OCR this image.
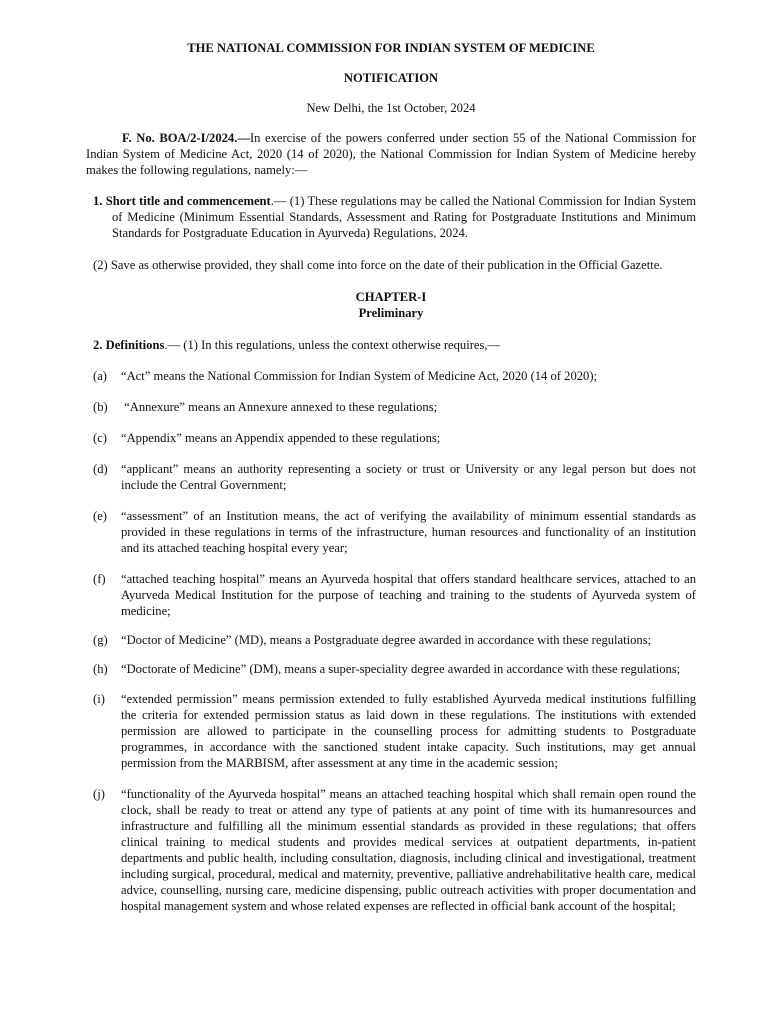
THE NATIONAL COMMISSION FOR INDIAN SYSTEM OF MEDICINE
NOTIFICATION
New Delhi, the 1st October, 2024
F. No. BOA/2-I/2024.—In exercise of the powers conferred under section 55 of the National Commission for Indian System of Medicine Act, 2020 (14 of 2020), the National Commission for Indian System of Medicine hereby makes the following regulations, namely:—
1. Short title and commencement.— (1) These regulations may be called the National Commission for Indian System of Medicine (Minimum Essential Standards, Assessment and Rating for Postgraduate Institutions and Minimum Standards for Postgraduate Education in Ayurveda) Regulations, 2024.
(2) Save as otherwise provided, they shall come into force on the date of their publication in the Official Gazette.
CHAPTER-I
Preliminary
2. Definitions.— (1) In this regulations, unless the context otherwise requires,—
(a)	“Act” means the National Commission for Indian System of Medicine Act, 2020 (14 of 2020);
(b)	“Annexure” means an Annexure annexed to these regulations;
(c)	“Appendix” means an Appendix appended to these regulations;
(d)	“applicant” means an authority representing a society or trust or University or any legal person but does not include the Central Government;
(e)	“assessment” of an Institution means, the act of verifying the availability of minimum essential standards as provided in these regulations in terms of the infrastructure, human resources and functionality of an institution and its attached teaching hospital every year;
(f)	“attached teaching hospital” means an Ayurveda hospital that offers standard healthcare services, attached to an Ayurveda Medical Institution for the purpose of teaching and training to the students of Ayurveda system of medicine;
(g)	“Doctor of Medicine” (MD), means a Postgraduate degree awarded in accordance with these regulations;
(h)	“Doctorate of Medicine” (DM), means a super-speciality degree awarded in accordance with these regulations;
(i)	“extended permission” means permission extended to fully established Ayurveda medical institutions fulfilling the criteria for extended permission status as laid down in these regulations. The institutions with extended permission are allowed to participate in the counselling process for admitting students to Postgraduate programmes, in accordance with the sanctioned student intake capacity. Such institutions, may get annual permission from the MARBISM, after assessment at any time in the academic session;
(j)	“functionality of the Ayurveda hospital” means an attached teaching hospital which shall remain open round the clock, shall be ready to treat or attend any type of patients at any point of time with its humanresources and infrastructure and fulfilling all the minimum essential standards as provided in these regulations; that offers clinical training to medical students and provides medical services at outpatient departments, in-patient departments and public health, including consultation, diagnosis, including clinical and investigational, treatment including surgical, procedural, medical and maternity, preventive, palliative andrehabilitative health care, medical advice, counselling, nursing care, medicine dispensing, public outreach activities with proper documentation and hospital management system and whose related expenses are reflected in official bank account of the hospital;
